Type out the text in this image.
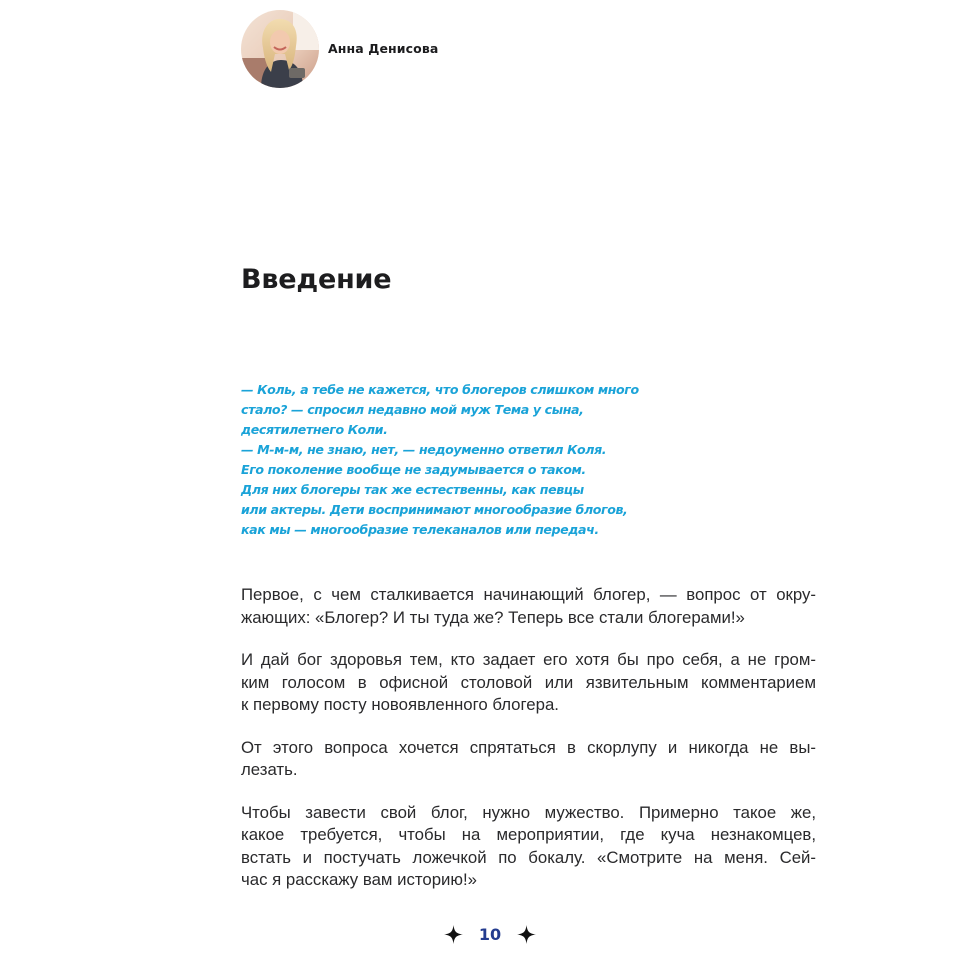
Анна Денисова
Введение
— Коль, а тебе не кажется, что блогеров слишком много
стало? — спросил недавно мой муж Тема у сына,
десятилетнего Коли.
— М-м-м, не знаю, нет, — недоуменно ответил Коля.
Его поколение вообще не задумывается о таком.
Для них блогеры так же естественны, как певцы
или актеры. Дети воспринимают многообразие блогов,
как мы — многообразие телеканалов или передач.

Первое, с чем сталкивается начинающий блогер, — вопрос от окру-
жающих: «Блогер? И ты туда же? Теперь все стали блогерами!»

И дай бог здоровья тем, кто задает его хотя бы про себя, а не гром-
ким голосом в офисной столовой или язвительным комментарием
к первому посту новоявленного блогера.

От этого вопроса хочется спрятаться в скорлупу и никогда не вы-
лезать.

Чтобы завести свой блог, нужно мужество. Примерно такое же,
какое требуется, чтобы на мероприятии, где куча незнакомцев,
встать и постучать ложечкой по бокалу. «Смотрите на меня. Сей-
час я расскажу вам историю!»

10
